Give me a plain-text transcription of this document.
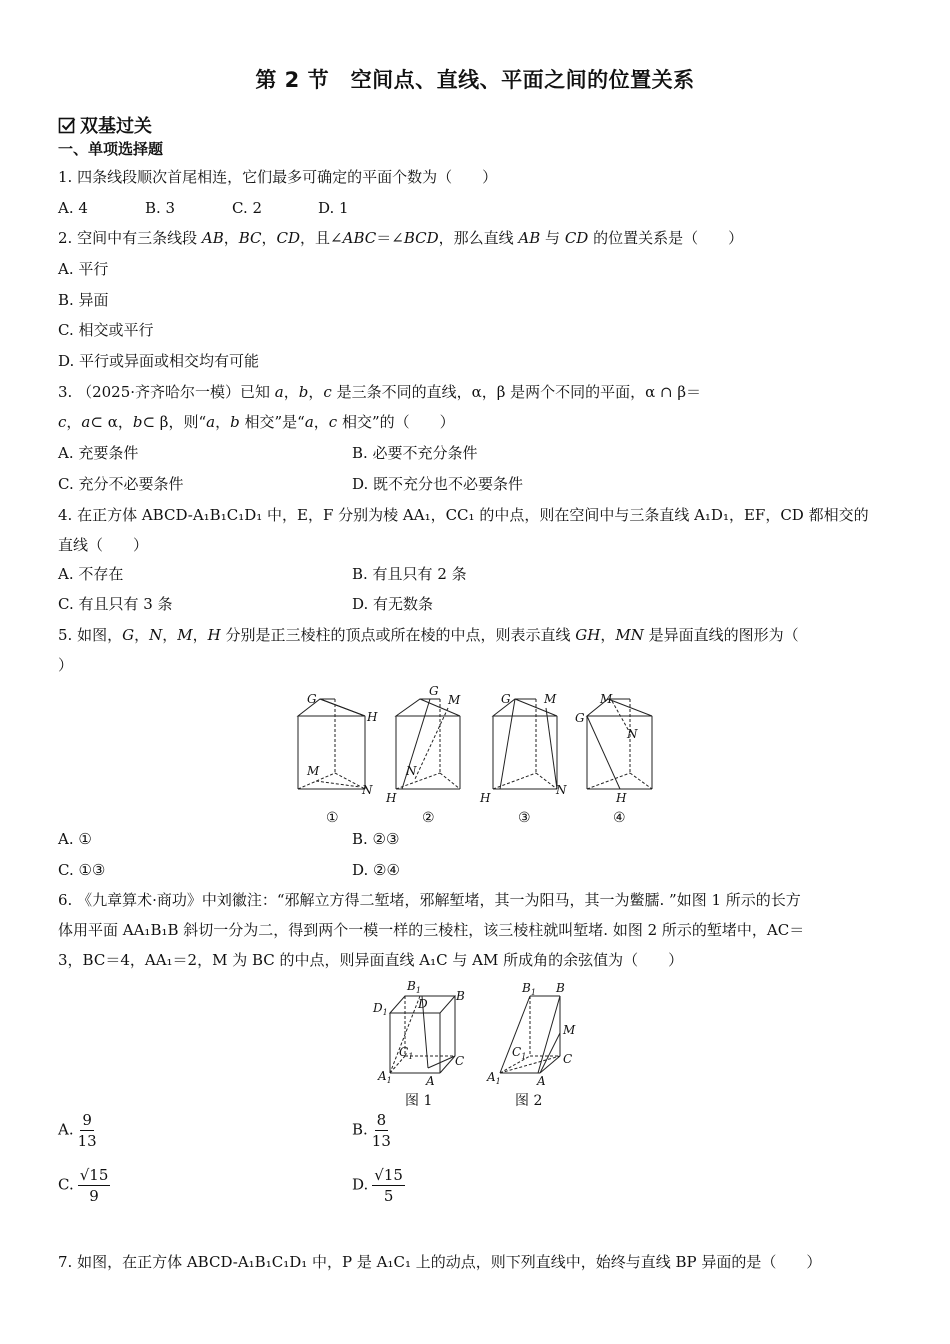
第 2 节　空间点、直线、平面之间的位置关系
双基过关
一、单项选择题
1. 四条线段顺次首尾相连，它们最多可确定的平面个数为（　　）
A. 4	B. 3	C. 2	D. 1
2. 空间中有三条线段 AB，BC，CD，且∠ABC＝∠BCD，那么直线 AB 与 CD 的位置关系是（　　）
A. 平行
B. 异面
C. 相交或平行
D. 平行或异面或相交均有可能
3. （2025·齐齐哈尔一模）已知 a，b，c 是三条不同的直线，α，β 是两个不同的平面，α ∩ β＝
c，a⊂ α，b⊂ β，则“a，b 相交”是“a，c 相交”的（　　）
A. 充要条件	B. 必要不充分条件
C. 充分不必要条件	D. 既不充分也不必要条件
4. 在正方体 ABCD-A₁B₁C₁D₁ 中，E，F 分别为棱 AA₁，CC₁ 的中点，则在空间中与三条直线 A₁D₁，EF，CD 都相交的
直线（　　）
A. 不存在	B. 有且只有 2 条
C. 有且只有 3 条	D. 有无数条
5. 如图，G，N，M，H 分别是正三棱柱的顶点或所在棱的中点，则表示直线 GH，MN 是异面直线的图形为（
）
G
H
M
N
G
M
N
H
G	M
H
N
M
G
N
H
①	②	③	④
A. ①	B. ②③
C. ①③	D. ②④
6. 《九章算术·商功》中刘徽注：“邪解立方得二堑堵，邪解堑堵，其一为阳马，其一为鳖臑. ”如图 1 所示的长方
体用平面 AA₁B₁B 斜切一分为二，得到两个一模一样的三棱柱，该三棱柱就叫堑堵. 如图 2 所示的堑堵中，AC＝
3，BC＝4，AA₁＝2，M 为 BC 的中点，则异面直线 A₁C 与 AM 所成角的余弦值为（　　）
$B_1$	B
D
$D_1$
$C_1$	C
$A_1$	A
$B_1$ B
M
$C_1$	C
$A_1$	A
图 1	图 2
A. $\frac{9}{13}$	B. $\frac{8}{13}$
C. $\frac{√15}{9}$	D. $\frac{√15}{5}$
7. 如图，在正方体 ABCD-A₁B₁C₁D₁ 中，P 是 A₁C₁ 上的动点，则下列直线中，始终与直线 BP 异面的是（　　）
